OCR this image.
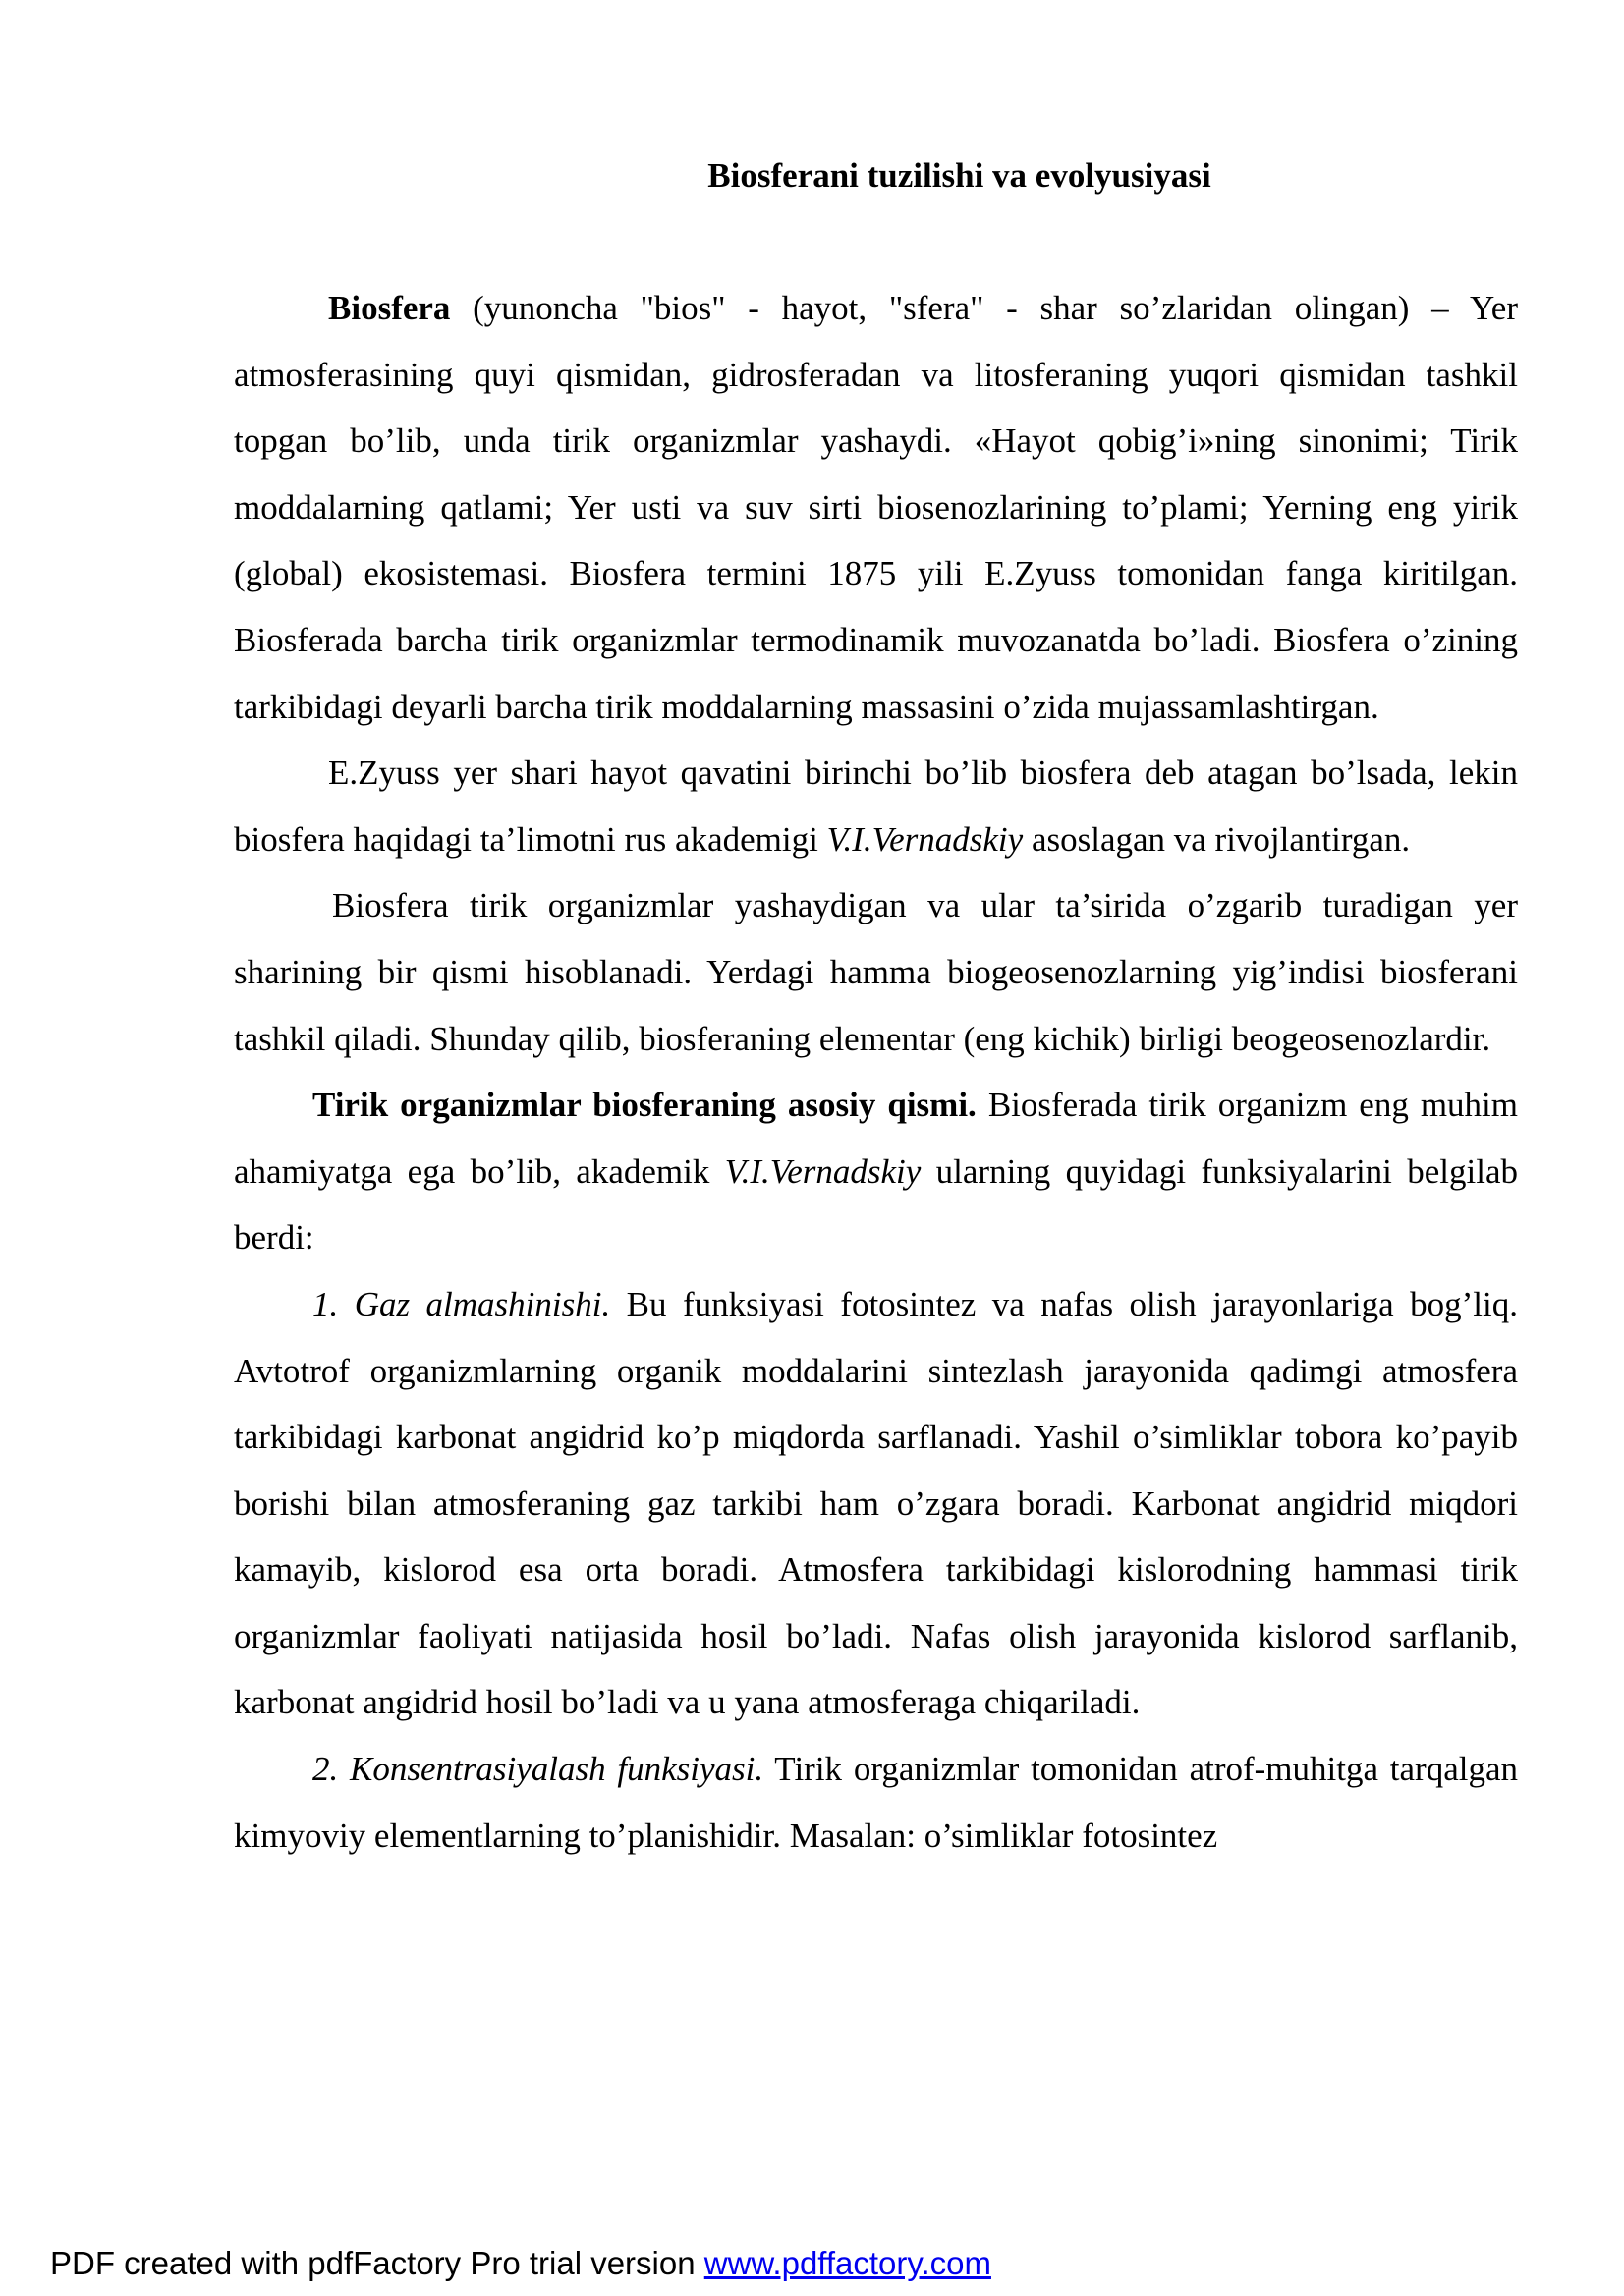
Biosferani tuzilishi va evolyusiyasi

Biosfera (yunoncha "bios" - hayot, "sfera" - shar so’zlaridan olingan) – Yer atmosferasining quyi qismidan, gidrosferadan va litosferaning yuqori qismidan tashkil topgan bo’lib, unda tirik organizmlar yashaydi. «Hayot qobig’i»ning sinonimi; Tirik moddalarning qatlami; Yer usti va suv sirti biosenozlarining to’plami; Yerning eng yirik (global) ekosistemasi. Biosfera termini 1875 yili E.Zyuss tomonidan fanga kiritilgan. Biosferada barcha tirik organizmlar termodinamik muvozanatda bo’ladi. Biosfera o’zining tarkibidagi deyarli barcha tirik moddalarning massasini o’zida mujassamlashtirgan.

E.Zyuss yer shari hayot qavatini birinchi bo’lib biosfera deb atagan bo’lsada, lekin biosfera haqidagi ta’limotni rus akademigi V.I.Vernadskiy asoslagan va rivojlantirgan.

Biosfera tirik organizmlar yashaydigan va ular ta’sirida o’zgarib turadigan yer sharining bir qismi hisoblanadi. Yerdagi hamma biogeosenozlarning yig’indisi biosferani tashkil qiladi. Shunday qilib, biosferaning elementar (eng kichik) birligi beogeosenozlardir.

Tirik organizmlar biosferaning asosiy qismi. Biosferada tirik organizm eng muhim ahamiyatga ega bo’lib, akademik V.I.Vernadskiy ularning quyidagi funksiyalarini belgilab berdi:

1. Gaz almashinishi. Bu funksiyasi fotosintez va nafas olish jarayonlariga bog’liq. Avtotrof organizmlarning organik moddalarini sintezlash jarayonida qadimgi atmosfera tarkibidagi karbonat angidrid ko’p miqdorda sarflanadi. Yashil o’simliklar tobora ko’payib borishi bilan atmosferaning gaz tarkibi ham o’zgara boradi. Karbonat angidrid miqdori kamayib, kislorod esa orta boradi. Atmosfera tarkibidagi kislorodning hammasi tirik organizmlar faoliyati natijasida hosil bo’ladi. Nafas olish jarayonida kislorod sarflanib, karbonat angidrid hosil bo’ladi va u yana atmosferaga chiqariladi.

2. Konsentrasiyalash funksiyasi. Tirik organizmlar tomonidan atrof-muhitga tarqalgan kimyoviy elementlarning to’planishidir. Masalan: o’simliklar fotosintez

PDF created with pdfFactory Pro trial version www.pdffactory.com
